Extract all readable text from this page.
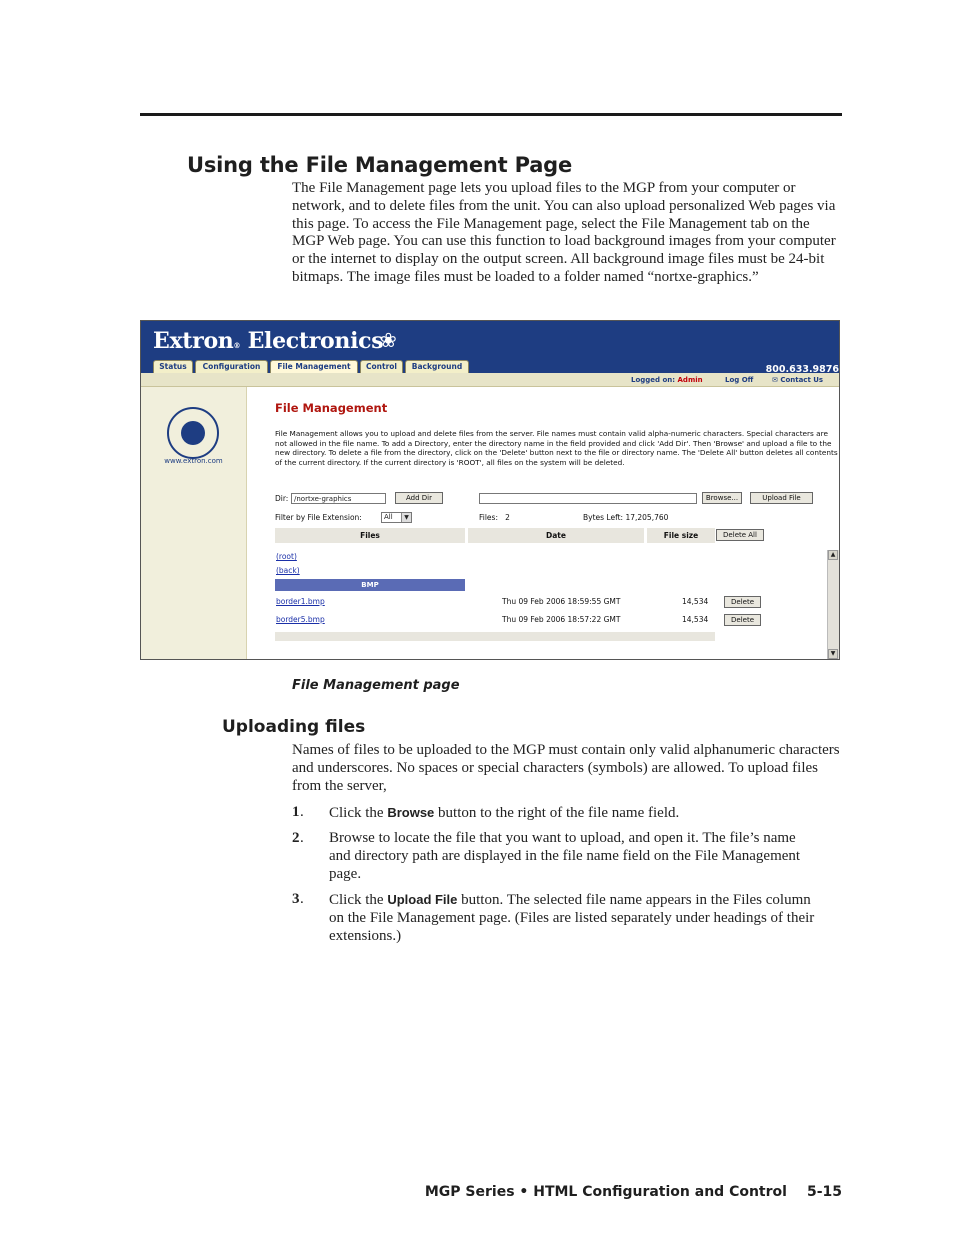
Using the File Management Page

The File Management page lets you upload files to the MGP from your computer or network, and to delete files from the unit. You can also upload personalized Web pages via this page. To access the File Management page, select the File Management tab on the MGP Web page. You can use this function to load background images from your computer or the internet to display on the output screen. All background image files must be 24-bit bitmaps. The image files must be loaded to a folder named “nortxe-graphics.”

Extron® Electronics
❀
Status	Configuration	File Management	Control	Background	800.633.9876
Logged on: Admin	Log Off	✉ Contact Us
www.extron.com
File Management

File Management allows you to upload and delete files from the server. File names must contain valid alpha-numeric characters. Special characters are not allowed in the file name. To add a Directory, enter the directory name in the field provided and click 'Add Dir'. Then 'Browse' and upload a file to the new directory. To delete a file from the directory, click on the 'Delete' button next to the file or directory name. The 'Delete All' button deletes all contents of the current directory. If the current directory is 'ROOT', all files on the system will be deleted.

Dir: /nortxe-graphics	Add Dir	Browse...	Upload File
Filter by File Extension:	All	▼	Files: 2	Bytes Left: 17,205,760
Files	Date	File size	Delete All
(root)
(back)
BMP
border1.bmp	Thu 09 Feb 2006 18:59:55 GMT	14,534	Delete
border5.bmp	Thu 09 Feb 2006 18:57:22 GMT	14,534	Delete
▲
▼
File Management page
Uploading files

Names of files to be uploaded to the MGP must contain only valid alphanumeric characters and underscores. No spaces or special characters (symbols) are allowed. To upload files from the server,

1 . Click the Browse button to the right of the file name field.
2 . Browse to locate the file that you want to upload, and open it. The file’s name and directory path are displayed in the file name field on the File Management page.
3 . Click the Upload File button. The selected file name appears in the Files column on the File Management page. (Files are listed separately under headings of their extensions.)
MGP Series • HTML Configuration and Control 5-15
